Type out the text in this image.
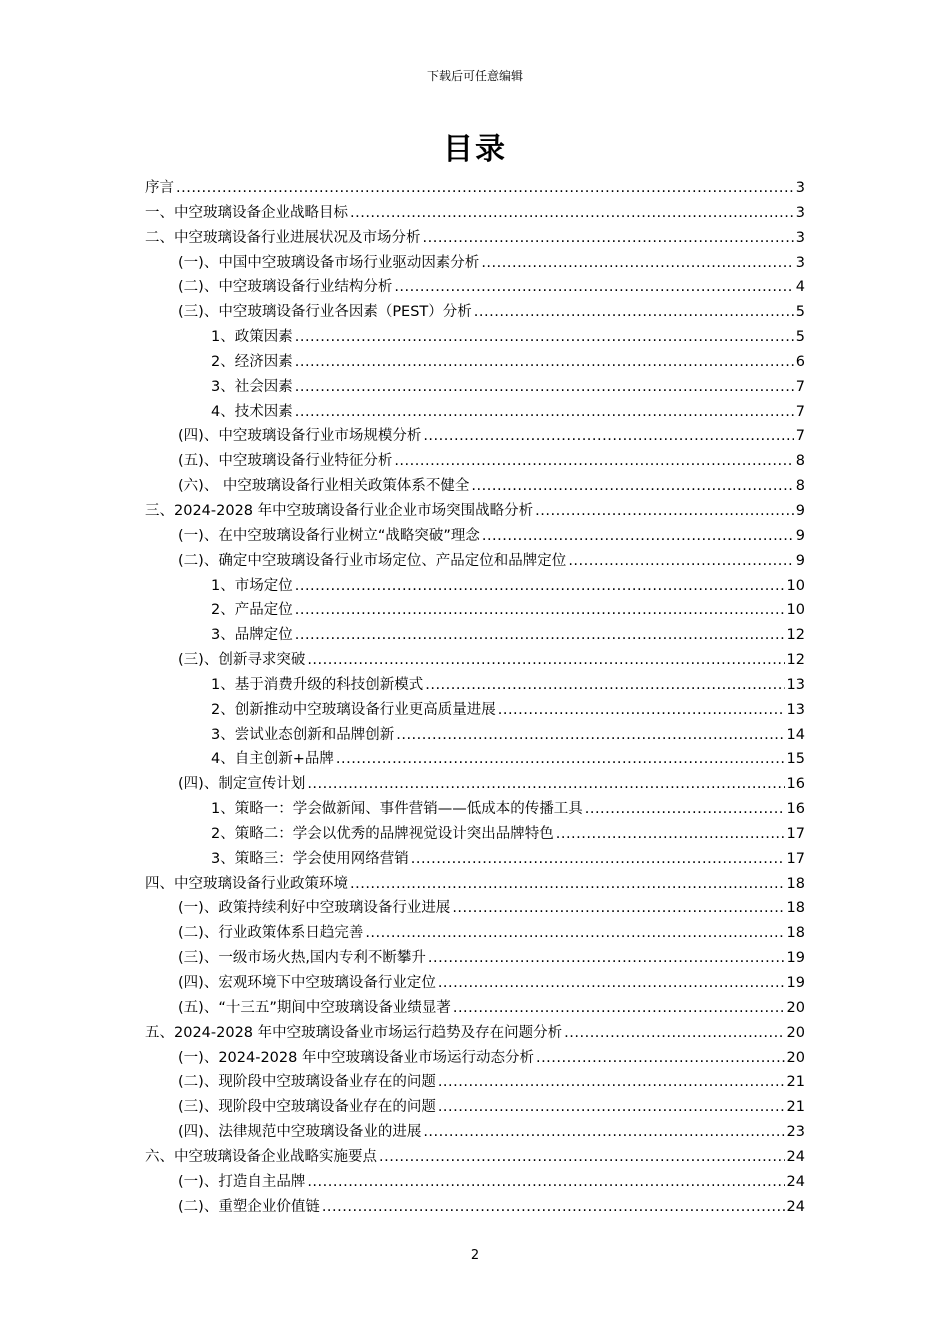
下载后可任意编辑
目录
序言 .....	3
一、中空玻璃设备企业战略目标 .....	3
二、中空玻璃设备行业进展状况及市场分析 .....	3
(一)、中国中空玻璃设备市场行业驱动因素分析 .....	3
(二)、中空玻璃设备行业结构分析 .....	4
(三)、中空玻璃设备行业各因素（PEST）分析 .....	5
1、政策因素 .....	5
2、经济因素 .....	6
3、社会因素 .....	7
4、技术因素 .....	7
(四)、中空玻璃设备行业市场规模分析 .....	7
(五)、中空玻璃设备行业特征分析 .....	8
(六)、 中空玻璃设备行业相关政策体系不健全 .....	8
三、2024-2028 年中空玻璃设备行业企业市场突围战略分析 .....	9
(一)、在中空玻璃设备行业树立“战略突破”理念 .....	9
(二)、确定中空玻璃设备行业市场定位、产品定位和品牌定位 .....	9
1、市场定位 .....	10
2、产品定位 .....	10
3、品牌定位 .....	12
(三)、创新寻求突破 .....	12
1、基于消费升级的科技创新模式 .....	13
2、创新推动中空玻璃设备行业更高质量进展 .....	13
3、尝试业态创新和品牌创新 .....	14
4、自主创新+品牌 .....	15
(四)、制定宣传计划 .....	16
1、策略一：学会做新闻、事件营销——低成本的传播工具 .....	16
2、策略二：学会以优秀的品牌视觉设计突出品牌特色 .....	17
3、策略三：学会使用网络营销 .....	17
四、中空玻璃设备行业政策环境 .....	18
(一)、政策持续利好中空玻璃设备行业进展 .....	18
(二)、行业政策体系日趋完善 .....	18
(三)、一级市场火热,国内专利不断攀升 .....	19
(四)、宏观环境下中空玻璃设备行业定位 .....	19
(五)、“十三五”期间中空玻璃设备业绩显著 .....	20
五、2024-2028 年中空玻璃设备业市场运行趋势及存在问题分析 .....	20
(一)、2024-2028 年中空玻璃设备业市场运行动态分析 .....	20
(二)、现阶段中空玻璃设备业存在的问题 .....	21
(三)、现阶段中空玻璃设备业存在的问题 .....	21
(四)、法律规范中空玻璃设备业的进展 .....	23
六、中空玻璃设备企业战略实施要点 .....	24
(一)、打造自主品牌 .....	24
(二)、重塑企业价值链 .....	24
2
